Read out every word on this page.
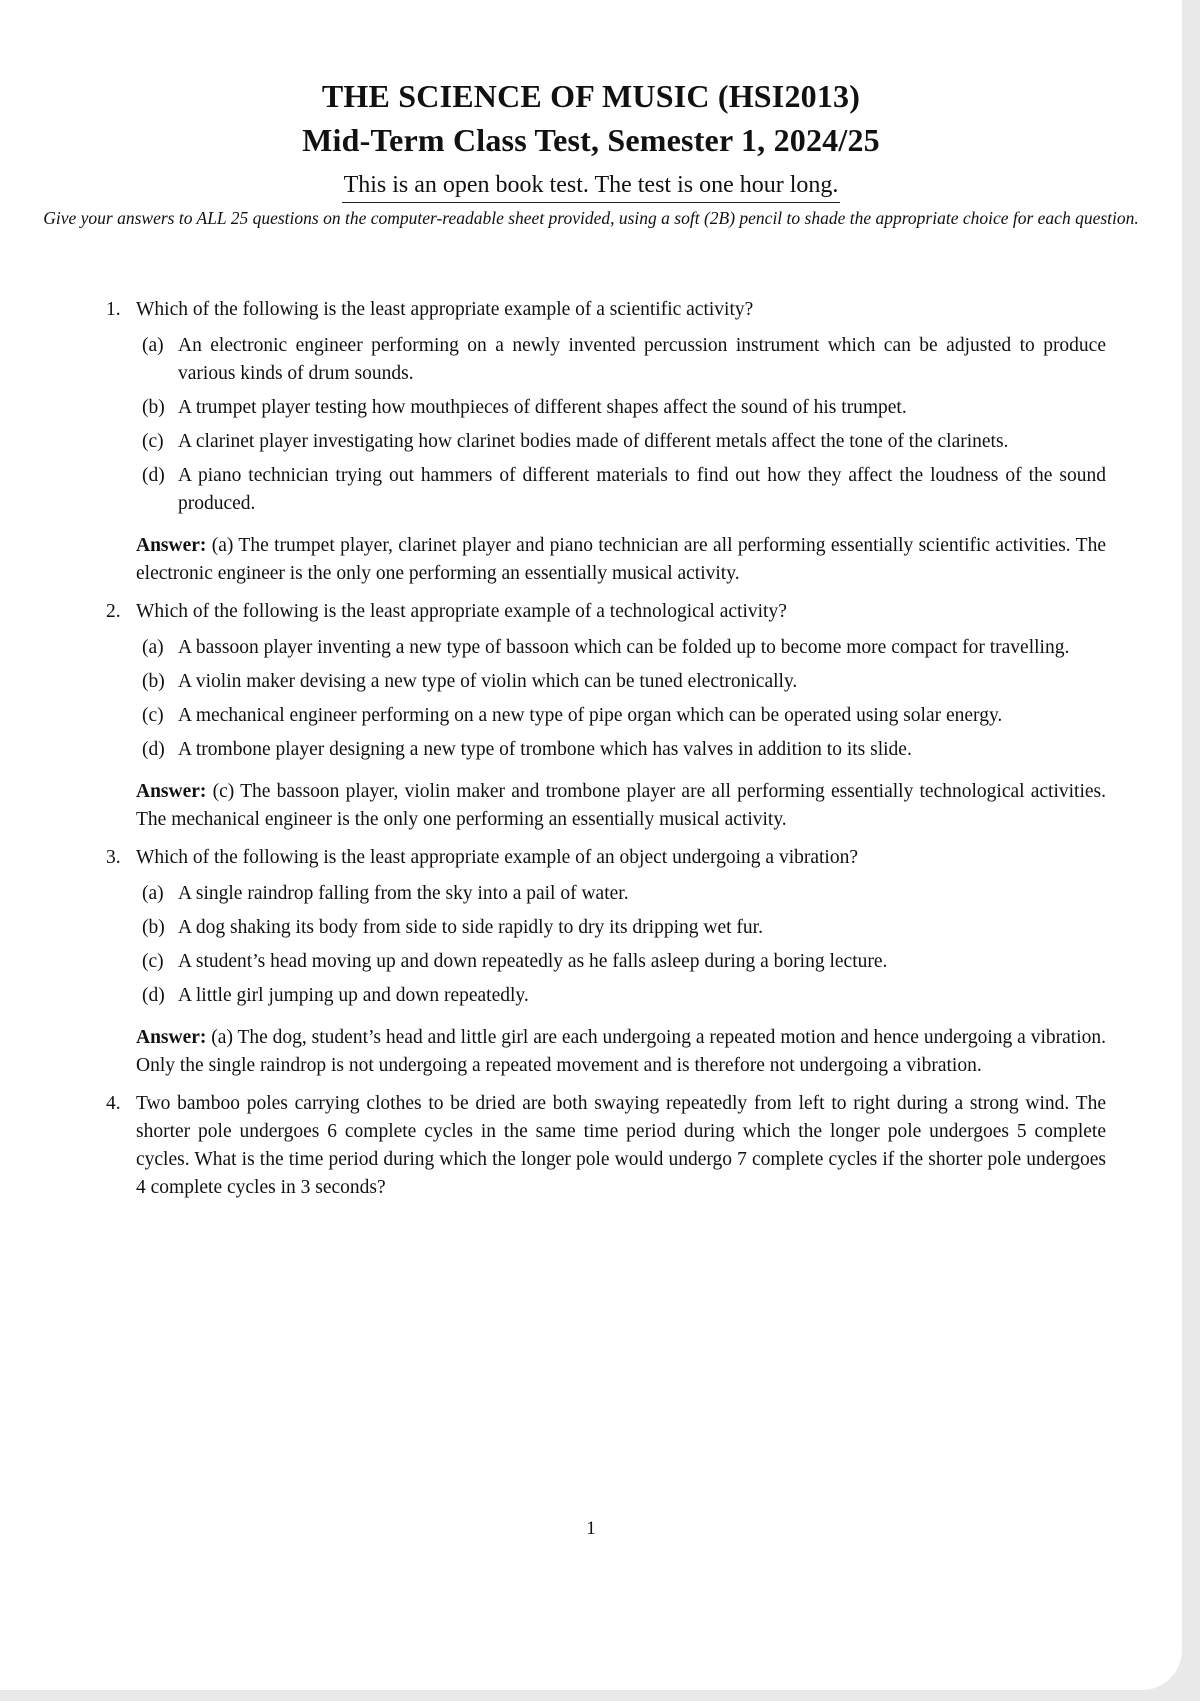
THE SCIENCE OF MUSIC (HSI2013)
Mid-Term Class Test, Semester 1, 2024/25
This is an open book test. The test is one hour long.
Give your answers to ALL 25 questions on the computer-readable sheet provided, using a soft (2B) pencil to shade the appropriate choice for each question.
1. Which of the following is the least appropriate example of a scientific activity?
(a) An electronic engineer performing on a newly invented percussion instrument which can be adjusted to produce various kinds of drum sounds.
(b) A trumpet player testing how mouthpieces of different shapes affect the sound of his trumpet.
(c) A clarinet player investigating how clarinet bodies made of different metals affect the tone of the clarinets.
(d) A piano technician trying out hammers of different materials to find out how they affect the loudness of the sound produced.
Answer: (a) The trumpet player, clarinet player and piano technician are all performing essentially scientific activities. The electronic engineer is the only one performing an essentially musical activity.
2. Which of the following is the least appropriate example of a technological activity?
(a) A bassoon player inventing a new type of bassoon which can be folded up to become more compact for travelling.
(b) A violin maker devising a new type of violin which can be tuned electronically.
(c) A mechanical engineer performing on a new type of pipe organ which can be operated using solar energy.
(d) A trombone player designing a new type of trombone which has valves in addition to its slide.
Answer: (c) The bassoon player, violin maker and trombone player are all performing essentially technological activities. The mechanical engineer is the only one performing an essentially musical activity.
3. Which of the following is the least appropriate example of an object undergoing a vibration?
(a) A single raindrop falling from the sky into a pail of water.
(b) A dog shaking its body from side to side rapidly to dry its dripping wet fur.
(c) A student’s head moving up and down repeatedly as he falls asleep during a boring lecture.
(d) A little girl jumping up and down repeatedly.
Answer: (a) The dog, student’s head and little girl are each undergoing a repeated motion and hence undergoing a vibration. Only the single raindrop is not undergoing a repeated movement and is therefore not undergoing a vibration.
4. Two bamboo poles carrying clothes to be dried are both swaying repeatedly from left to right during a strong wind. The shorter pole undergoes 6 complete cycles in the same time period during which the longer pole undergoes 5 complete cycles. What is the time period during which the longer pole would undergo 7 complete cycles if the shorter pole undergoes 4 complete cycles in 3 seconds?
1
